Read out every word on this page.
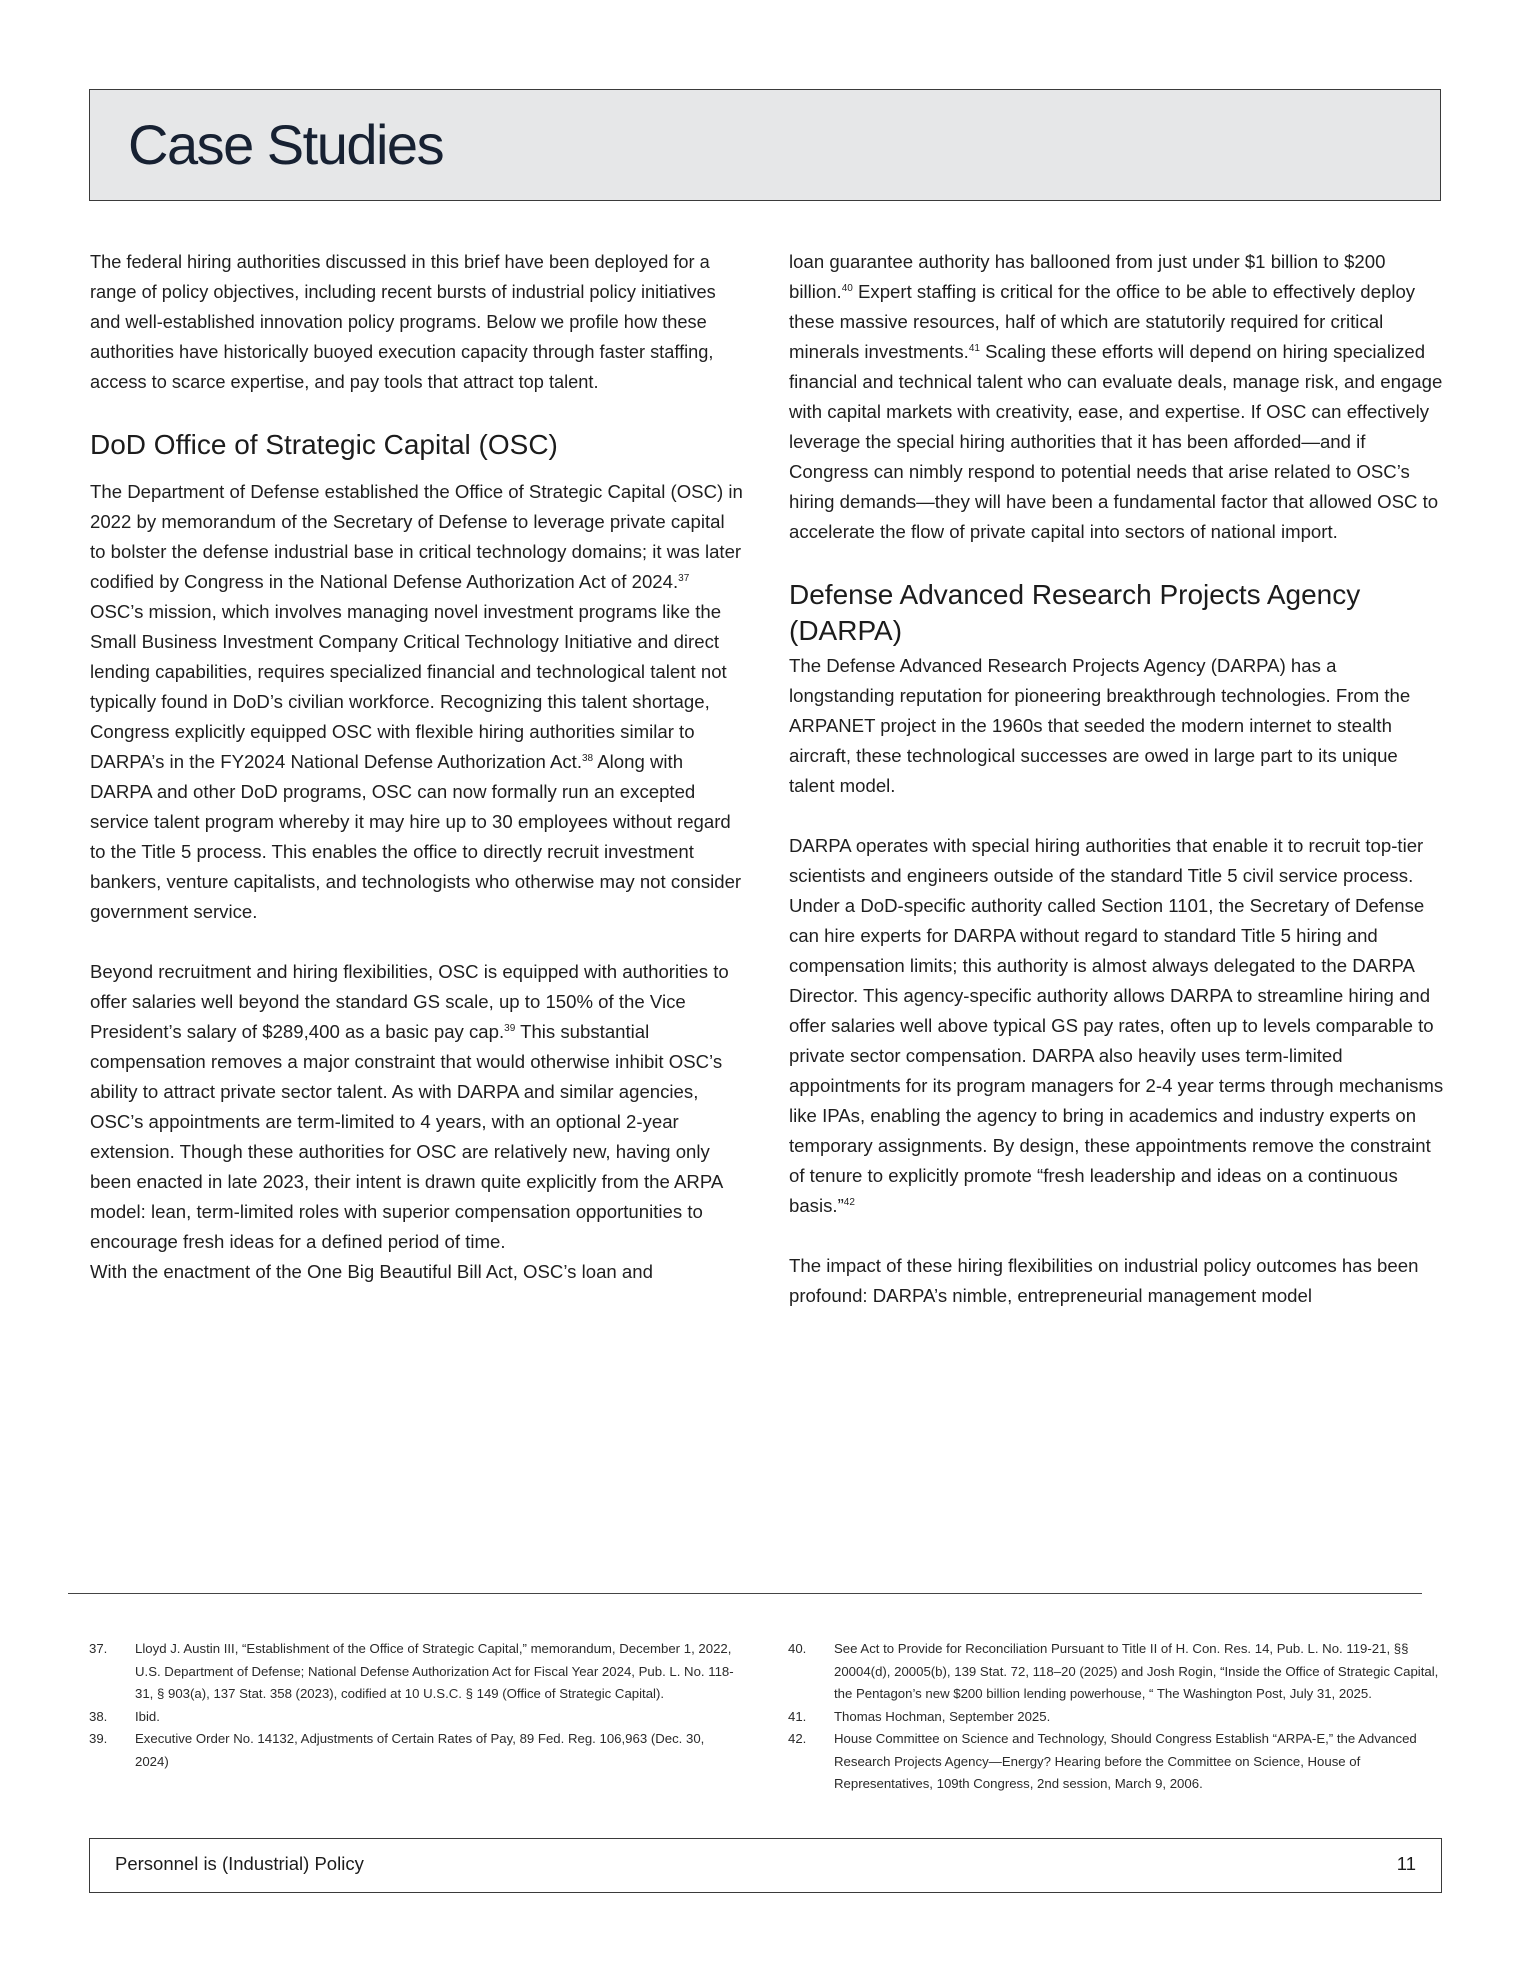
Case Studies

The federal hiring authorities discussed in this brief have been deployed for a range of policy objectives, including recent bursts of industrial policy initiatives and well-established innovation policy programs. Below we profile how these authorities have historically buoyed execution capacity through faster staffing, access to scarce expertise, and pay tools that attract top talent.

DoD Office of Strategic Capital (OSC)

The Department of Defense established the Office of Strategic Capital (OSC) in 2022 by memorandum of the Secretary of Defense to leverage private capital to bolster the defense industrial base in critical technology domains; it was later codified by Congress in the National Defense Authorization Act of 2024.37 OSC’s mission, which involves managing novel investment programs like the Small Business Investment Company Critical Technology Initiative and direct lending capabilities, requires specialized financial and technological talent not typically found in DoD’s civilian workforce. Recognizing this talent shortage, Congress explicitly equipped OSC with flexible hiring authorities similar to DARPA’s in the FY2024 National Defense Authorization Act.$^{38}$ Along with DARPA and other DoD programs, OSC can now formally run an excepted service talent program whereby it may hire up to 30 employees without regard to the Title 5 process. This enables the office to directly recruit investment bankers, venture capitalists, and technologists who otherwise may not consider government service.

Beyond recruitment and hiring flexibilities, OSC is equipped with authorities to offer salaries well beyond the standard GS scale, up to 150% of the Vice President’s salary of $289,400 as a basic pay cap.$^{39}$ This substantial compensation removes a major constraint that would otherwise inhibit OSC’s ability to attract private sector talent. As with DARPA and similar agencies, OSC’s appointments are term-limited to 4 years, with an optional 2-year extension. Though these authorities for OSC are relatively new, having only been enacted in late 2023, their intent is drawn quite explicitly from the ARPA model: lean, term-limited roles with superior compensation opportunities to encourage fresh ideas for a defined period of time.

With the enactment of the One Big Beautiful Bill Act, OSC’s loan and

loan guarantee authority has ballooned from just under $1 billion to $200 billion.$^{40}$ Expert staffing is critical for the office to be able to effectively deploy these massive resources, half of which are statutorily required for critical minerals investments.$^{41}$ Scaling these efforts will depend on hiring specialized financial and technical talent who can evaluate deals, manage risk, and engage with capital markets with creativity, ease, and expertise. If OSC can effectively leverage the special hiring authorities that it has been afforded—and if Congress can nimbly respond to potential needs that arise related to OSC’s hiring demands—they will have been a fundamental factor that allowed OSC to accelerate the flow of private capital into sectors of national import.

Defense Advanced Research Projects Agency (DARPA)

The Defense Advanced Research Projects Agency (DARPA) has a longstanding reputation for pioneering breakthrough technologies. From the ARPANET project in the 1960s that seeded the modern internet to stealth aircraft, these technological successes are owed in large part to its unique talent model.

DARPA operates with special hiring authorities that enable it to recruit top-tier scientists and engineers outside of the standard Title 5 civil service process. Under a DoD-specific authority called Section 1101, the Secretary of Defense can hire experts for DARPA without regard to standard Title 5 hiring and compensation limits; this authority is almost always delegated to the DARPA Director. This agency-specific authority allows DARPA to streamline hiring and offer salaries well above typical GS pay rates, often up to levels comparable to private sector compensation. DARPA also heavily uses term-limited appointments for its program managers for 2-4 year terms through mechanisms like IPAs, enabling the agency to bring in academics and industry experts on temporary assignments. By design, these appointments remove the constraint of tenure to explicitly promote “fresh leadership and ideas on a continuous basis.”$^{42}$

The impact of these hiring flexibilities on industrial policy outcomes has been profound: DARPA’s nimble, entrepreneurial management model

37.	Lloyd J. Austin III, “Establishment of the Office of Strategic Capital,” memorandum, December 1, 2022, U.S. Department of Defense; National Defense Authorization Act for Fiscal Year 2024, Pub. L. No. 118-31, § 903(a), 137 Stat. 358 (2023), codified at 10 U.S.C. § 149 (Office of Strategic Capital).
38.	Ibid.
39.	Executive Order No. 14132, Adjustments of Certain Rates of Pay, 89 Fed. Reg. 106,963 (Dec. 30, 2024)
40.	See Act to Provide for Reconciliation Pursuant to Title II of H. Con. Res. 14, Pub. L. No. 119-21, §§ 20004(d), 20005(b), 139 Stat. 72, 118–20 (2025) and Josh Rogin, “Inside the Office of Strategic Capital, the Pentagon’s new $200 billion lending powerhouse, “ The Washington Post, July 31, 2025.
41.	Thomas Hochman, September 2025.
42.	House Committee on Science and Technology, Should Congress Establish “ARPA-E,” the Advanced Research Projects Agency—Energy? Hearing before the Committee on Science, House of Representatives, 109th Congress, 2nd session, March 9, 2006.
Personnel is (Industrial) Policy	11
